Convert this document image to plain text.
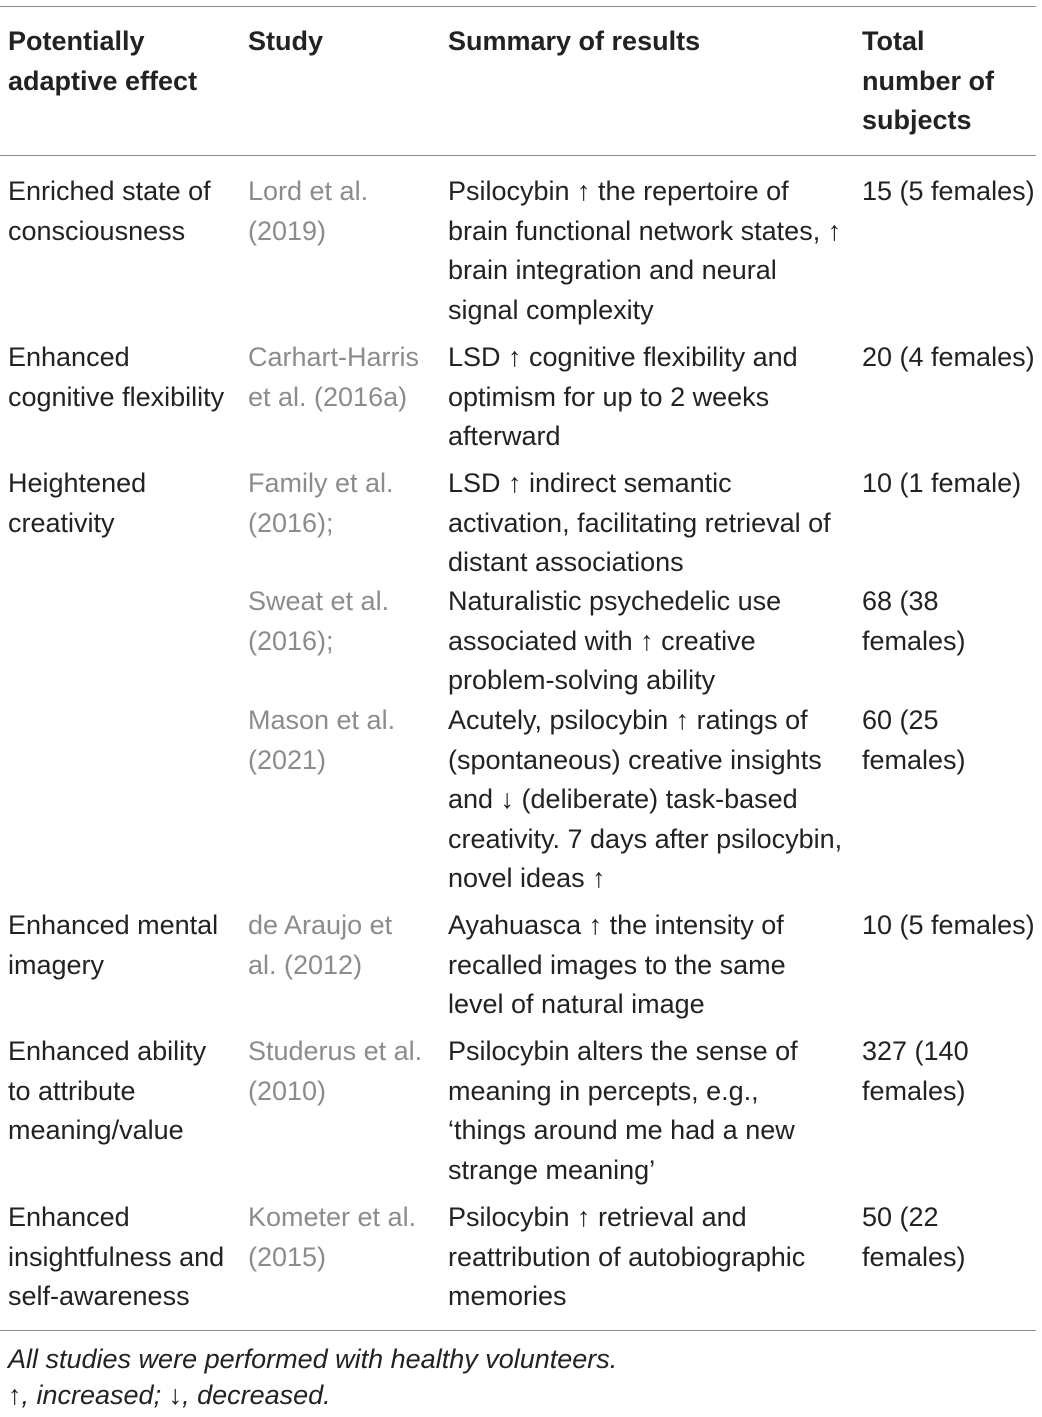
Potentially adaptive effect
Study	Summary of results	Total number of subjects
Enriched state of consciousness
Lord et al. (2019)
Psilocybin ↑ the repertoire of brain functional network states, ↑ brain integration and neural signal complexity
15 (5 females)
Enhanced cognitive flexibility
Carhart-Harris et al. (2016a)
LSD ↑ cognitive flexibility and optimism for up to 2 weeks afterward
20 (4 females)
Heightened creativity
Family et al. (2016);
LSD ↑ indirect semantic activation, facilitating retrieval of distant associations
10 (1 female)
Sweat et al. (2016);
Naturalistic psychedelic use associated with ↑ creative problem-solving ability
68 (38 females)
Mason et al. (2021)
Acutely, psilocybin ↑ ratings of (spontaneous) creative insights and ↓ (deliberate) task-based creativity. 7 days after psilocybin, novel ideas ↑
60 (25 females)
Enhanced mental imagery
de Araujo et al. (2012)
Ayahuasca ↑ the intensity of recalled images to the same level of natural image
10 (5 females)
Enhanced ability to attribute meaning/value
Studerus et al. (2010)
Psilocybin alters the sense of meaning in percepts, e.g., ‘things around me had a new strange meaning’
327 (140 females)
Enhanced insightfulness and self-awareness
Kometer et al. (2015)
Psilocybin ↑ retrieval and reattribution of autobiographic memories
50 (22 females)
All studies were performed with healthy volunteers.
↑, increased; ↓, decreased.
